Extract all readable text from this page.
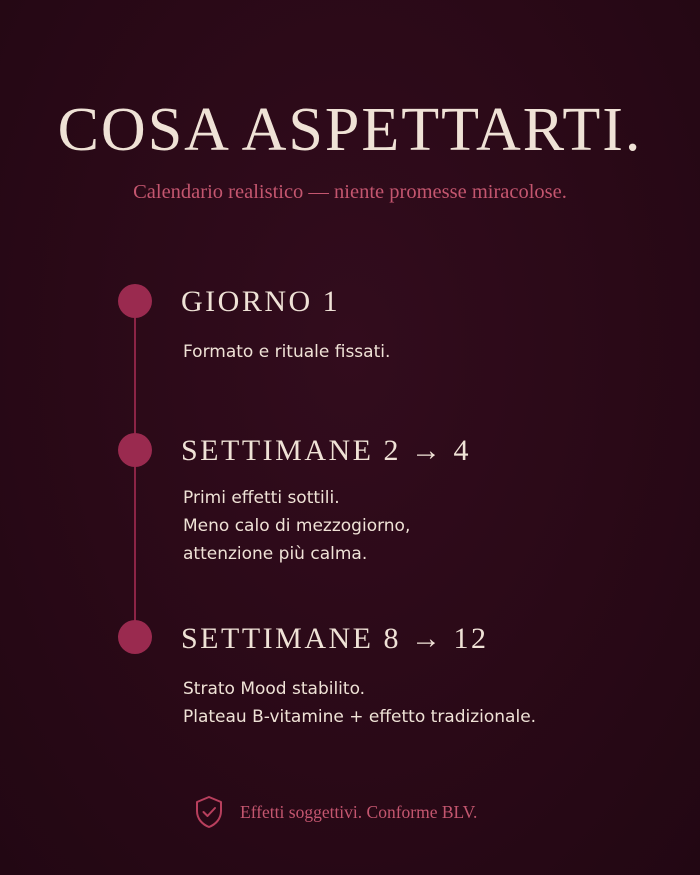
COSA ASPETTARTI.

Calendario realistico — niente promesse miracolose.

GIORNO 1
Formato e rituale fissati.
SETTIMANE 2 → 4
Primi effetti sottili.
Meno calo di mezzogiorno,
attenzione più calma.
SETTIMANE 8 → 12
Strato Mood stabilito.
Plateau B-vitamine + effetto tradizionale.
Effetti soggettivi. Conforme BLV.
